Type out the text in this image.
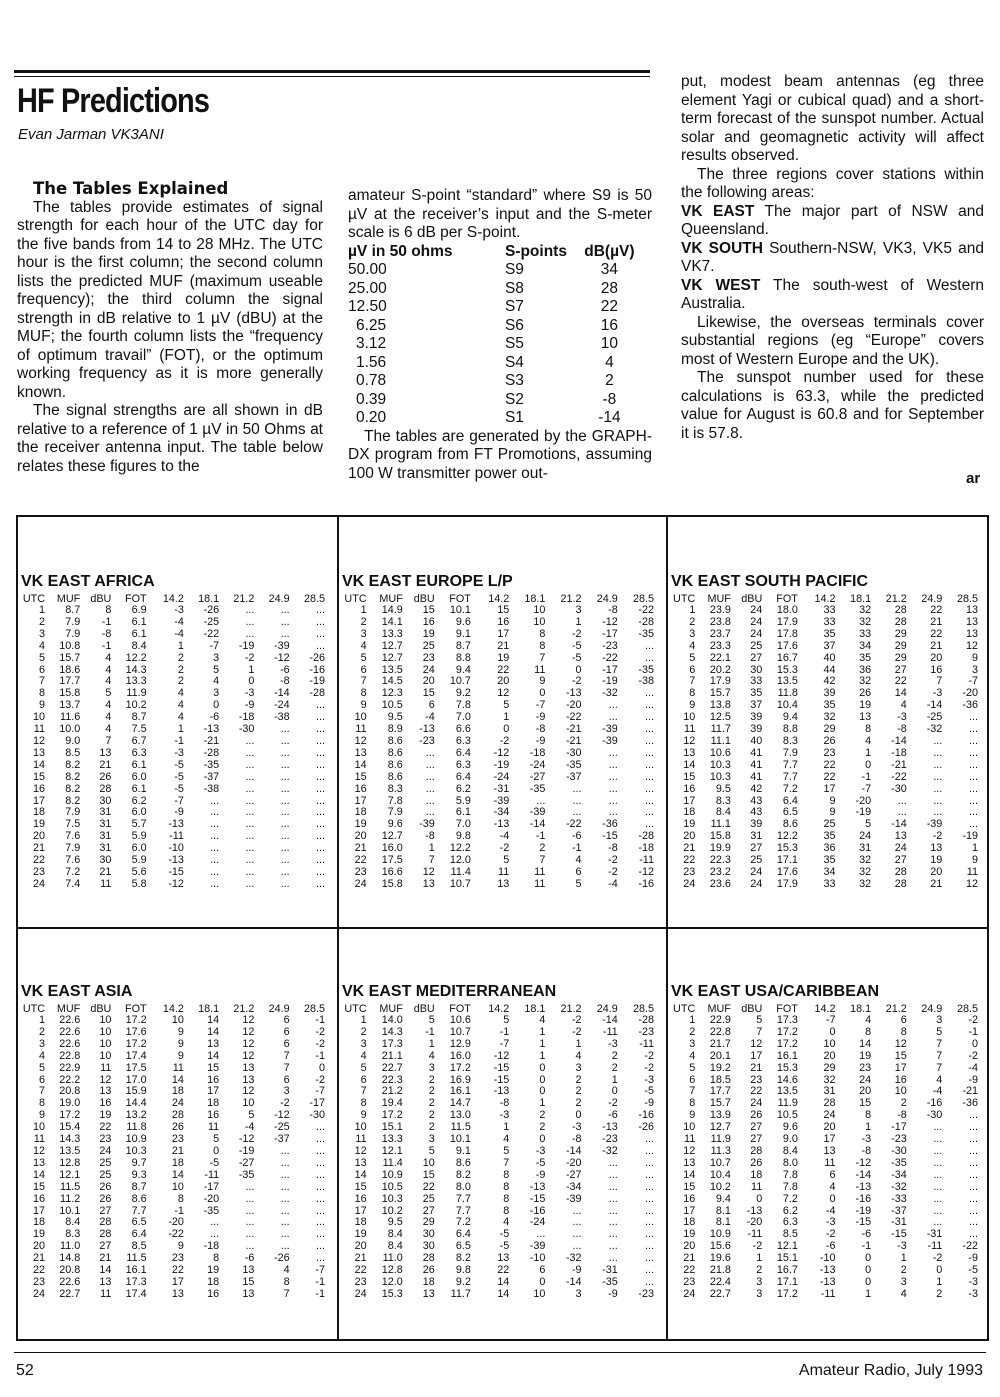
HF Predictions
Evan Jarman VK3ANI

The Tables Explained

The tables provide estimates of signal strength for each hour of the UTC day for the five bands from 14 to 28 MHz. The UTC hour is the first column; the second column lists the predicted MUF (maximum useable frequency); the third column the signal strength in dB relative to 1 µV (dBU) at the MUF; the fourth column lists the “frequency of optimum travail” (FOT), or the optimum working frequency as it is more generally known.

The signal strengths are all shown in dB relative to a reference of 1 µV in 50 Ohms at the receiver antenna input. The table below relates these figures to the

amateur S-point “standard” where S9 is 50 µV at the receiver’s input and the S-meter scale is 6 dB per S-point.

µV in 50 ohms	S-points	dB(µV)
50.00	S9	34
25.00	S8	28
12.50	S7	22
6.25	S6	16
3.12	S5	10
1.56	S4	4
0.78	S3	2
0.39	S2	-8
0.20	S1	-14

The tables are generated by the GRAPH-DX program from FT Promotions, assuming 100 W transmitter power out-

put, modest beam antennas (eg three element Yagi or cubical quad) and a short-term forecast of the sunspot number. Actual solar and geomagnetic activity will affect results observed.

The three regions cover stations within the following areas:

VK EAST The major part of NSW and Queensland.

VK SOUTH Southern-NSW, VK3, VK5 and VK7.

VK WEST The south-west of Western Australia.

Likewise, the overseas terminals cover substantial regions (eg “Europe” covers most of Western Europe and the UK).

The sunspot number used for these calculations is 63.3, while the predicted value for August is 60.8 and for September it is 57.8.

ar
VK EAST AFRICA
UTC	MUF	dBU	FOT	14.2	18.1	21.2	24.9	28.5
1	8.7	8	6.9	-3	-26	...	...	...
2	7.9	-1	6.1	-4	-25	...	...	...
3	7.9	-8	6.1	-4	-22	...	...	...
4	10.8	-1	8.4	1	-7	-19	-39	...
5	15.7	4	12.2	2	3	-2	-12	-26
6	18.6	4	14.3	2	5	1	-6	-16
7	17.7	4	13.3	2	4	0	-8	-19
8	15.8	5	11.9	4	3	-3	-14	-28
9	13.7	4	10.2	4	0	-9	-24	...
10	11.6	4	8.7	4	-6	-18	-38	...
11	10.0	4	7.5	1	-13	-30	...	...
12	9.0	7	6.7	-1	-21	...	...	...
13	8.5	13	6.3	-3	-28	...	...	...
14	8.2	21	6.1	-5	-35	...	...	...
15	8.2	26	6.0	-5	-37	...	...	...
16	8.2	28	6.1	-5	-38	...	...	...
17	8.2	30	6.2	-7	...	...	...	...
18	7.9	31	6.0	-9	...	...	...	...
19	7.5	31	5.7	-13	...	...	...	...
20	7.6	31	5.9	-11	...	...	...	...
21	7.9	31	6.0	-10	...	...	...	...
22	7.6	30	5.9	-13	...	...	...	...
23	7.2	21	5.6	-15	...	...	...	...
24	7.4	11	5.8	-12	...	...	...	...
VK EAST EUROPE L/P
UTC	MUF	dBU	FOT	14.2	18.1	21.2	24.9	28.5
1	14.9	15	10.1	15	10	3	-8	-22
2	14.1	16	9.6	16	10	1	-12	-28
3	13.3	19	9.1	17	8	-2	-17	-35
4	12.7	25	8.7	21	8	-5	-23	...
5	12.7	23	8.8	19	7	-5	-22	...
6	13.5	24	9.4	22	11	0	-17	-35
7	14.5	20	10.7	20	9	-2	-19	-38
8	12.3	15	9.2	12	0	-13	-32	...
9	10.5	6	7.8	5	-7	-20	...	...
10	9.5	-4	7.0	1	-9	-22	...	...
11	8.9	-13	6.6	0	-8	-21	-39	...
12	8.6	-23	6.3	-2	-9	-21	-39	...
13	8.6	...	6.4	-12	-18	-30	...	...
14	8.6	...	6.3	-19	-24	-35	...	...
15	8.6	...	6.4	-24	-27	-37	...	...
16	8.3	...	6.2	-31	-35	...	...	...
17	7.8	...	5.9	-39	...	...	...	...
18	7.9	...	6.1	-34	-39	...	...	...
19	9.6	-39	7.0	-13	-14	-22	-36	...
20	12.7	-8	9.8	-4	-1	-6	-15	-28
21	16.0	1	12.2	-2	2	-1	-8	-18
22	17.5	7	12.0	5	7	4	-2	-11
23	16.6	12	11.4	11	11	6	-2	-12
24	15.8	13	10.7	13	11	5	-4	-16
VK EAST SOUTH PACIFIC
UTC	MUF	dBU	FOT	14.2	18.1	21.2	24.9	28.5
1	23.9	24	18.0	33	32	28	22	13
2	23.8	24	17.9	33	32	28	21	13
3	23.7	24	17.8	35	33	29	22	13
4	23.3	25	17.6	37	34	29	21	12
5	22.1	27	16.7	40	35	29	20	9
6	20.2	30	15.3	44	36	27	16	3
7	17.9	33	13.5	42	32	22	7	-7
8	15.7	35	11.8	39	26	14	-3	-20
9	13.8	37	10.4	35	19	4	-14	-36
10	12.5	39	9.4	32	13	-3	-25	...
11	11.7	39	8.8	29	8	-8	-32	...
12	11.1	40	8.3	26	4	-14	...	...
13	10.6	41	7.9	23	1	-18	...	...
14	10.3	41	7.7	22	0	-21	...	...
15	10.3	41	7.7	22	-1	-22	...	...
16	9.5	42	7.2	17	-7	-30	...	...
17	8.3	43	6.4	9	-20	...	...	...
18	8.4	43	6.5	9	-19	...	...	...
19	11.1	39	8.6	25	5	-14	-39	...
20	15.8	31	12.2	35	24	13	-2	-19
21	19.9	27	15.3	36	31	24	13	1
22	22.3	25	17.1	35	32	27	19	9
23	23.2	24	17.6	34	32	28	20	11
24	23.6	24	17.9	33	32	28	21	12
VK EAST ASIA
UTC	MUF	dBU	FOT	14.2	18.1	21.2	24.9	28.5
1	22.6	10	17.2	10	14	12	6	-1
2	22.6	10	17.6	9	14	12	6	-2
3	22.6	10	17.2	9	13	12	6	-2
4	22.8	10	17.4	9	14	12	7	-1
5	22.9	11	17.5	11	15	13	7	0
6	22.2	12	17.0	14	16	13	6	-2
7	20.8	13	15.9	18	17	12	3	-7
8	19.0	16	14.4	24	18	10	-2	-17
9	17.2	19	13.2	28	16	5	-12	-30
10	15.4	22	11.8	26	11	-4	-25	...
11	14.3	23	10.9	23	5	-12	-37	...
12	13.5	24	10.3	21	0	-19	...	...
13	12.8	25	9.7	18	-5	-27	...	...
14	12.1	25	9.3	14	-11	-35	...	...
15	11.5	26	8.7	10	-17	...	...	...
16	11.2	26	8.6	8	-20	...	...	...
17	10.1	27	7.7	-1	-35	...	...	...
18	8.4	28	6.5	-20	...	...	...	...
19	8.3	28	6.4	-22	...	...	...	...
20	11.0	27	8.5	9	-18	...	...	...
21	14.8	21	11.5	23	8	-6	-26	...
22	20.8	14	16.1	22	19	13	4	-7
23	22.6	13	17.3	17	18	15	8	-1
24	22.7	11	17.4	13	16	13	7	-1
VK EAST MEDITERRANEAN
UTC	MUF	dBU	FOT	14.2	18.1	21.2	24.9	28.5
1	14.0	5	10.6	5	4	-2	-14	-28
2	14.3	-1	10.7	-1	1	-2	-11	-23
3	17.3	1	12.9	-7	1	1	-3	-11
4	21.1	4	16.0	-12	1	4	2	-2
5	22.7	3	17.2	-15	0	3	2	-2
6	22.3	2	16.9	-15	0	2	1	-3
7	21.2	2	16.1	-13	0	2	0	-5
8	19.4	2	14.7	-8	1	2	-2	-9
9	17.2	2	13.0	-3	2	0	-6	-16
10	15.1	2	11.5	1	2	-3	-13	-26
11	13.3	3	10.1	4	0	-8	-23	...
12	12.1	5	9.1	5	-3	-14	-32	...
13	11.4	10	8.6	7	-5	-20	...	...
14	10.9	15	8.2	8	-9	-27	...	...
15	10.5	22	8.0	8	-13	-34	...	...
16	10.3	25	7.7	8	-15	-39	...	...
17	10.2	27	7.7	8	-16	...	...	...
18	9.5	29	7.2	4	-24	...	...	...
19	8.4	30	6.4	-5	...	...	...	...
20	8.4	30	6.5	-5	-39	...	...	...
21	11.0	28	8.2	13	-10	-32	...	...
22	12.8	26	9.8	22	6	-9	-31	...
23	12.0	18	9.2	14	0	-14	-35	...
24	15.3	13	11.7	14	10	3	-9	-23
VK EAST USA/CARIBBEAN
UTC	MUF	dBU	FOT	14.2	18.1	21.2	24.9	28.5
1	22.9	5	17.3	-7	4	6	3	-2
2	22.8	7	17.2	0	8	8	5	-1
3	21.7	12	17.2	10	14	12	7	0
4	20.1	17	16.1	20	19	15	7	-2
5	19.2	21	15.3	29	23	17	7	-4
6	18.5	23	14.6	32	24	16	4	-9
7	17.7	22	13.5	31	20	10	-4	-21
8	15.7	24	11.9	28	15	2	-16	-36
9	13.9	26	10.5	24	8	-8	-30	...
10	12.7	27	9.6	20	1	-17	...	...
11	11.9	27	9.0	17	-3	-23	...	...
12	11.3	28	8.4	13	-8	-30	...	...
13	10.7	26	8.0	11	-12	-35	...	...
14	10.4	18	7.8	6	-14	-34	...	...
15	10.2	11	7.8	4	-13	-32	...	...
16	9.4	0	7.2	0	-16	-33	...	...
17	8.1	-13	6.2	-4	-19	-37	...	...
18	8.1	-20	6.3	-3	-15	-31	...	...
19	10.9	-11	8.5	-2	-6	-15	-31	...
20	15.6	-2	12.1	-6	-1	-3	-11	-22
21	19.6	1	15.1	-10	0	1	-2	-9
22	21.8	2	16.7	-13	0	2	0	-5
23	22.4	3	17.1	-13	0	3	1	-3
24	22.7	3	17.2	-11	1	4	2	-3
52	Amateur Radio, July 1993
